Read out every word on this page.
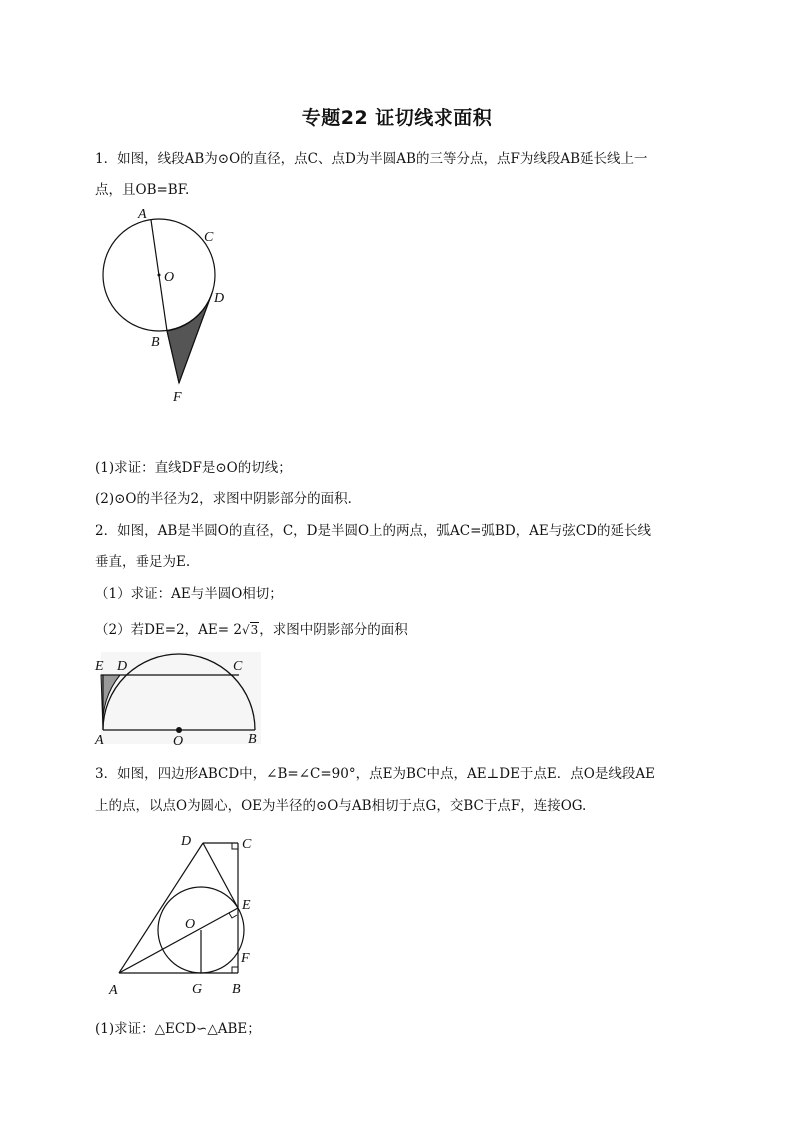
专题22 证切线求面积
1．如图，线段AB为⊙O的直径，点C、点D为半圆AB的三等分点，点F为线段AB延长线上一
点，且OB=BF.
A
C
O
D
B
F
(1)求证：直线DF是⊙O的切线；
(2)⊙O的半径为2，求图中阴影部分的面积．
2．如图，AB是半圆O的直径，C，D是半圆O上的两点，弧AC=弧BD，AE与弦CD的延长线
垂直，垂足为E.
（1）求证：AE与半圆O相切；
（2）若DE=2，AE= 2√3，求图中阴影部分的面积
E D	C
A	O	B
3．如图，四边形ABCD中，∠B=∠C=90°，点E为BC中点，AE⊥DE于点E．点O是线段AE
上的点，以点O为圆心，OE为半径的⊙O与AB相切于点G，交BC于点F，连接OG.
D	C
O
E
F
A	G B
(1)求证：△ECD∽△ABE；
